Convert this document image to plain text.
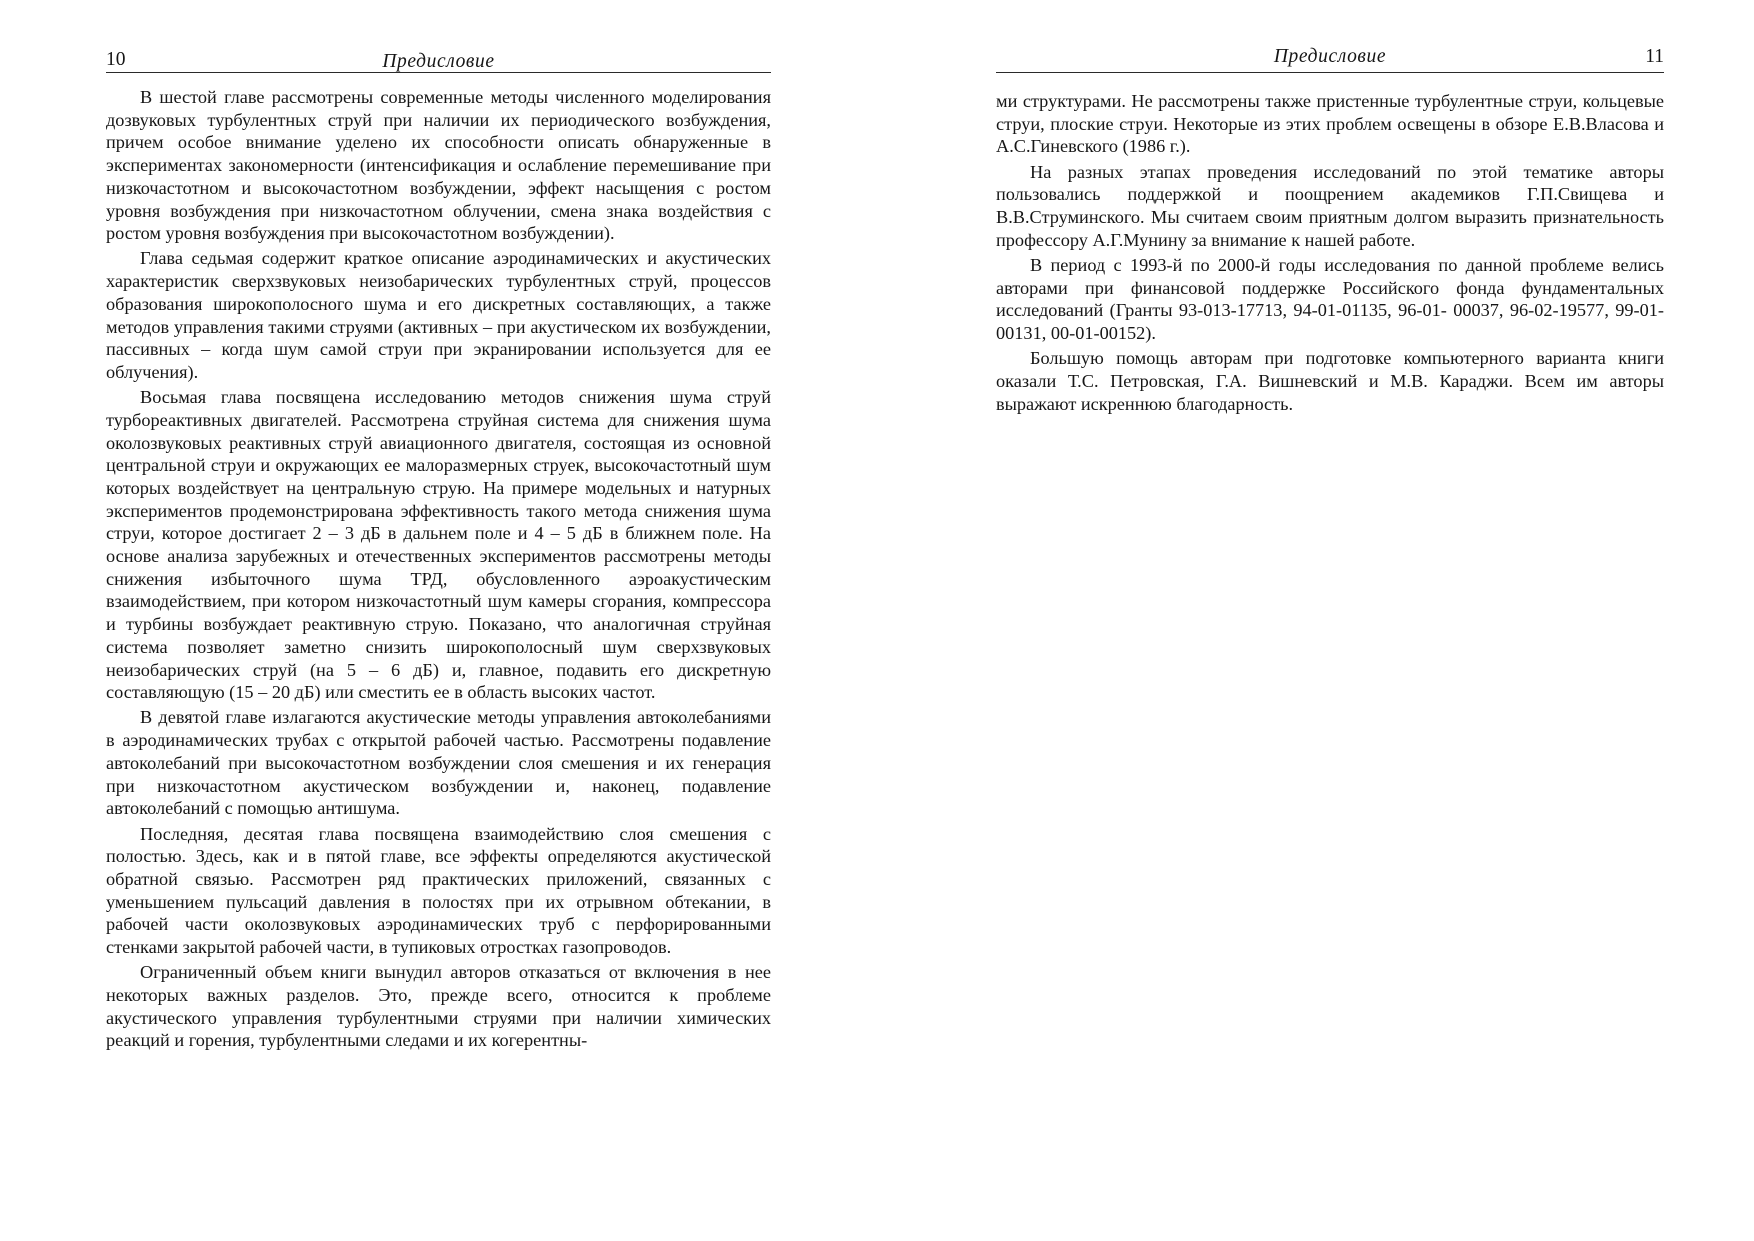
10	Предисловие

В шестой главе рассмотрены современные методы численного моделирования дозвуковых турбулентных струй при наличии их периодического возбуждения, причем особое внимание уделено их способности описать обнаруженные в экспериментах закономерности (интенсификация и ослабление перемешивание при низкочастотном и высокочастотном возбуждении, эффект насыщения с ростом уровня возбуждения при низкочастотном облучении, смена знака воздействия с ростом уровня возбуждения при высокочастотном возбуждении).

Глава седьмая содержит краткое описание аэродинамических и акустических характеристик сверхзвуковых неизобарических турбулентных струй, процессов образования широкополосного шума и его дискретных составляющих, а также методов управления такими струями (активных – при акустическом их возбуждении, пассивных – когда шум самой струи при экранировании используется для ее облучения).

Восьмая глава посвящена исследованию методов снижения шума струй турбореактивных двигателей. Рассмотрена струйная система для снижения шума околозвуковых реактивных струй авиационного двигателя, состоящая из основной центральной струи и окружающих ее малоразмерных струек, высокочастотный шум которых воздействует на центральную струю. На примере модельных и натурных экспериментов продемонстрирована эффективность такого метода снижения шума струи, которое достигает 2 – 3 дБ в дальнем поле и 4 – 5 дБ в ближнем поле. На основе анализа зарубежных и отечественных экспериментов рассмотрены методы снижения избыточного шума ТРД, обусловленного аэроакустическим взаимодействием, при котором низкочастотный шум камеры сгорания, компрессора и турбины возбуждает реактивную струю. Показано, что аналогичная струйная система позволяет заметно снизить широкополосный шум сверхзвуковых неизобарических струй (на 5 – 6 дБ) и, главное, подавить его дискретную составляющую (15 – 20 дБ) или сместить ее в область высоких частот.

В девятой главе излагаются акустические методы управления автоколебаниями в аэродинамических трубах с открытой рабочей частью. Рассмотрены подавление автоколебаний при высокочастотном возбуждении слоя смешения и их генерация при низкочастотном акустическом возбуждении и, наконец, подавление автоколебаний с помощью антишума.

Последняя, десятая глава посвящена взаимодействию слоя смешения с полостью. Здесь, как и в пятой главе, все эффекты определяются акустической обратной связью. Рассмотрен ряд практических приложений, связанных с уменьшением пульсаций давления в полостях при их отрывном обтекании, в рабочей части околозвуковых аэродинамических труб с перфорированными стенками закрытой рабочей части, в тупиковых отростках газопроводов.

Ограниченный объем книги вынудил авторов отказаться от включения в нее некоторых важных разделов. Это, прежде всего, относится к проблеме акустического управления турбулентными струями при наличии химических реакций и горения, турбулентными следами и их когерентны-

Предисловие	11

ми структурами. Не рассмотрены также пристенные турбулентные струи, кольцевые струи, плоские струи. Некоторые из этих проблем освещены в обзоре Е.В.Власова и А.С.Гиневского (1986 г.).

На разных этапах проведения исследований по этой тематике авторы пользовались поддержкой и поощрением академиков Г.П.Свищева и В.В.Струминского. Мы считаем своим приятным долгом выразить признательность профессору А.Г.Мунину за внимание к нашей работе.

В период с 1993-й по 2000-й годы исследования по данной проблеме велись авторами при финансовой поддержке Российского фонда фундаментальных исследований (Гранты 93-013-17713, 94-01-01135, 96-01- 00037, 96-02-19577, 99-01-00131, 00-01-00152).

Большую помощь авторам при подготовке компьютерного варианта книги оказали Т.С. Петровская, Г.А. Вишневский и М.В. Караджи. Всем им авторы выражают искреннюю благодарность.
